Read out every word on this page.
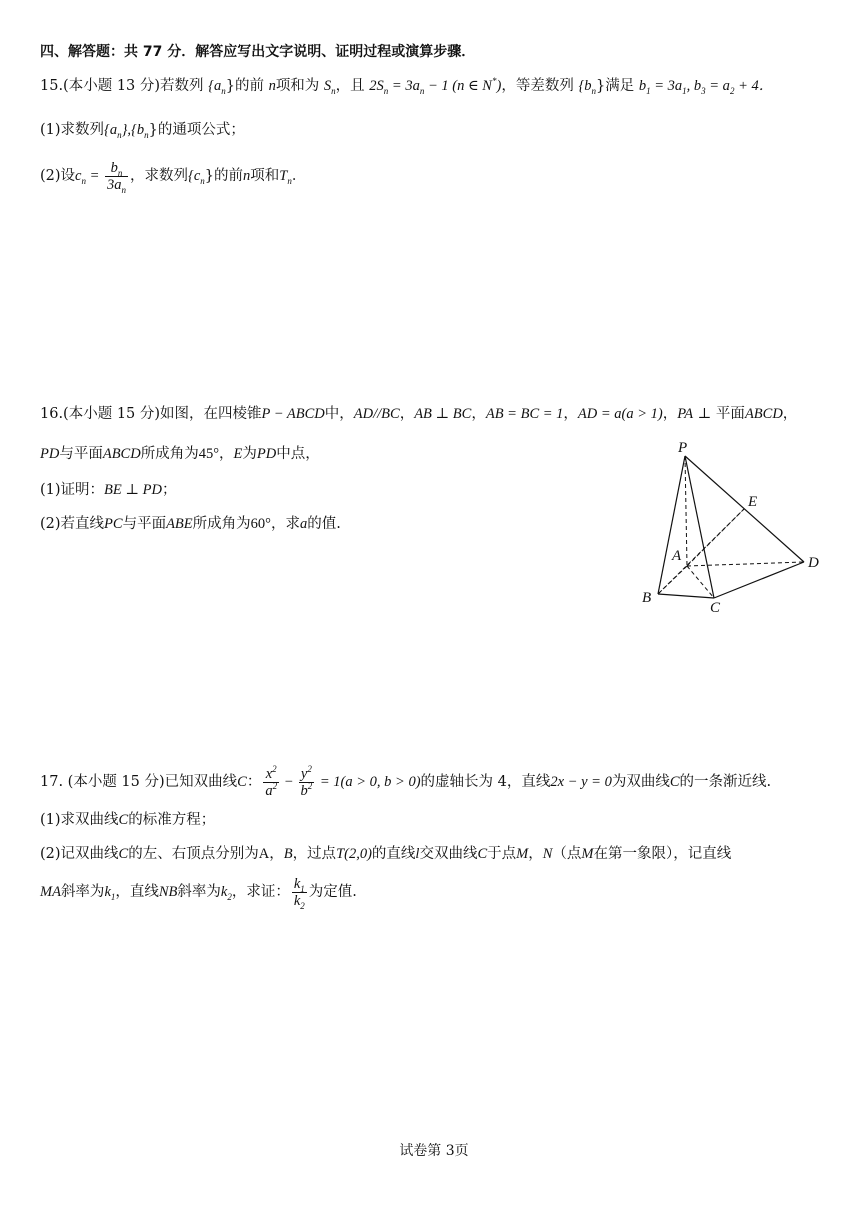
四、解答题：共 77 分．解答应写出文字说明、证明过程或演算步骤．
15.(本小题 13 分)若数列 $\{a_n\}$的前 n项和为 $S_n$，且 $2S_n = 3a_n - 1$ (n ∈ N*)，等差数列 $\{b_n\}$满足 $b_1 = 3a_1$, $b_3 = a_2 + 4$．
(1)求数列$\{a_n\},\{b_n\}$的通项公式；
(2)设$c_n = \frac{b_n}{3a_n}$ ，求数列$\{c_n\}$的前n项和$T_n$．
16.(本小题 15 分)如图，在四棱锥P − ABCD中，AD//BC，AB ⊥ BC，AB = BC = 1，AD = a(a > 1)，PA ⊥ 平面ABCD，
PD与平面ABCD所成角为45°，E为PD中点，
(1)证明：BE ⊥ PD；
(2)若直线PC与平面ABE所成角为60°，求a的值.
P
E
A	D
B
C
17. (本小题 15 分)已知双曲线C： $\frac{x^2}{a^2} - \frac{y^2}{b^2} = 1(a > 0$, b > 0)的虚轴长为 4，直线2x − y = 0为双曲线C的一条渐近线.
(1)求双曲线C的标准方程；
(2)记双曲线C的左、右顶点分别为A，B，过点T(2,0)的直线l交双曲线C于点M，N（点M在第一象限），记直线
MA斜率为$k_1$，直线NB斜率为$k_2$，求证： $\frac{k_1}{k_2}$ 为定值.
试卷第 3页
